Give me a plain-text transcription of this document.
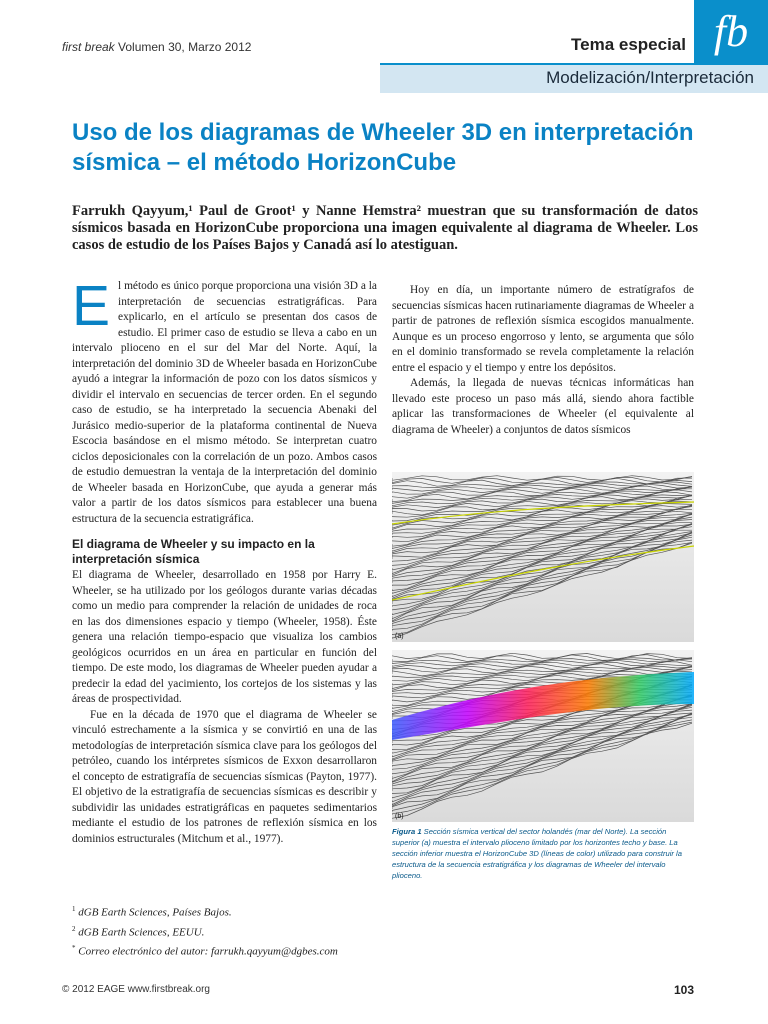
first break Volumen 30, Marzo 2012	Tema especial fb
Modelización/Interpretación
Uso de los diagramas de Wheeler 3D en interpretación sísmica – el método HorizonCube
Farrukh Qayyum,¹ Paul de Groot¹ y Nanne Hemstra² muestran que su transformación de datos sísmicos basada en HorizonCube proporciona una imagen equivalente al diagrama de Wheeler. Los casos de estudio de los Países Bajos y Canadá así lo atestiguan.

El método es único porque proporciona una visión 3D a la interpretación de secuencias estratigráficas. Para explicarlo, en el artículo se presentan dos casos de estudio. El primer caso de estudio se lleva a cabo en un intervalo plioceno en el sur del Mar del Norte. Aquí, la interpretación del dominio 3D de Wheeler basada en HorizonCube ayudó a integrar la información de pozo con los datos sísmicos y dividir el intervalo en secuencias de tercer orden. En el segundo caso de estudio, se ha interpretado la secuencia Abenaki del Jurásico medio-superior de la plataforma continental de Nueva Escocia basándose en el mismo método. Se interpretan cuatro ciclos deposicionales con la correlación de un pozo. Ambos casos de estudio demuestran la ventaja de la interpretación del dominio de Wheeler basada en HorizonCube, que ayuda a generar más valor a partir de los datos sísmicos para establecer una buena estructura de la secuencia estratigráfica.

El diagrama de Wheeler y su impacto en la interpretación sísmica

El diagrama de Wheeler, desarrollado en 1958 por Harry E. Wheeler, se ha utilizado por los geólogos durante varias décadas como un medio para comprender la relación de unidades de roca en las dos dimensiones espacio y tiempo (Wheeler, 1958). Éste genera una relación tiempo-espacio que visualiza los cambios geológicos ocurridos en un área en particular en función del tiempo. De este modo, los diagramas de Wheeler pueden ayudar a predecir la edad del yacimiento, los cortejos de los sistemas y las áreas de prospectividad.

Fue en la década de 1970 que el diagrama de Wheeler se vinculó estrechamente a la sísmica y se convirtió en una de las metodologías de interpretación sísmica clave para los geólogos del petróleo, cuando los intérpretes sísmicos de Exxon desarrollaron el concepto de estratigrafía de secuencias sísmicas (Payton, 1977). El objetivo de la estratigrafía de secuencias sísmicas es describir y subdividir las unidades estratigráficas en paquetes sedimentarios mediante el estudio de los patrones de reflexión sísmica en los dominios estructurales (Mitchum et al., 1977).

Hoy en día, un importante número de estratígrafos de secuencias sísmicas hacen rutinariamente diagramas de Wheeler a partir de patrones de reflexión sísmica escogidos manualmente. Aunque es un proceso engorroso y lento, se argumenta que sólo en el dominio transformado se revela completamente la relación entre el espacio y el tiempo y entre los depósitos.

Además, la llegada de nuevas técnicas informáticas han llevado este proceso un paso más allá, siendo ahora factible aplicar las transformaciones de Wheeler (el equivalente al diagrama de Wheeler) a conjuntos de datos sísmicos

(a)
(b)
Figura 1 Sección sísmica vertical del sector holandés (mar del Norte). La sección superior (a) muestra el intervalo plioceno limitado por los horizontes techo y base. La sección inferior muestra el HorizonCube 3D (líneas de color) utilizado para construir la estructura de la secuencia estratigráfica y los diagramas de Wheeler del intervalo plioceno.
$^1$ dGB Earth Sciences, Países Bajos.
$^2$ dGB Earth Sciences, EEUU.
* Correo electrónico del autor: farrukh.qayyum@dgbes.com
© 2012 EAGE www.firstbreak.org	103
